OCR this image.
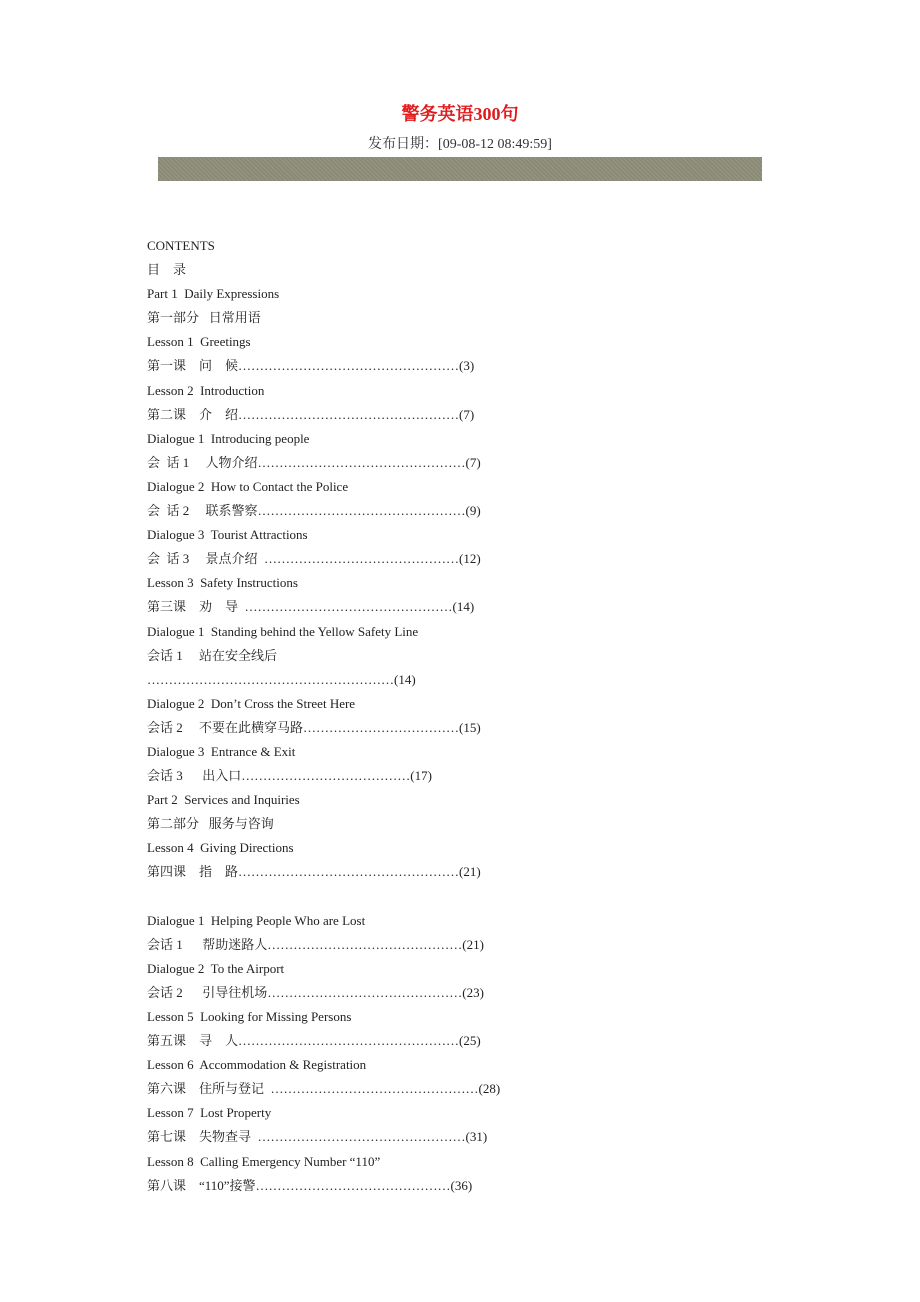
警务英语300句
发布日期：[09-08-12 08:49:59]
CONTENTS
目    录
Part 1  Daily Expressions
第一部分   日常用语
Lesson 1  Greetings
第一课    问    候……………………………………………(3)
Lesson 2  Introduction
第二课    介    绍……………………………………………(7)
Dialogue 1  Introducing people
会  话 1     人物介绍…………………………………………(7)
Dialogue 2  How to Contact the Police
会  话 2     联系警察…………………………………………(9)
Dialogue 3  Tourist Attractions
会  话 3     景点介绍  ………………………………………(12)
Lesson 3  Safety Instructions
第三课    劝    导  …………………………………………(14)
Dialogue 1  Standing behind the Yellow Safety Line
会话 1     站在安全线后
…………………………………………………(14)
Dialogue 2  Don’t Cross the Street Here
会话 2     不要在此横穿马路………………………………(15)
Dialogue 3  Entrance & Exit
会话 3      出入口…………………………………(17)
Part 2  Services and Inquiries
第二部分   服务与咨询
Lesson 4  Giving Directions
第四课    指    路……………………………………………(21)
Dialogue 1  Helping People Who are Lost
会话 1      帮助迷路人………………………………………(21)
Dialogue 2  To the Airport
会话 2      引导往机场………………………………………(23)
Lesson 5  Looking for Missing Persons
第五课    寻    人……………………………………………(25)
Lesson 6  Accommodation & Registration
第六课    住所与登记  …………………………………………(28)
Lesson 7  Lost Property
第七课    失物查寻  …………………………………………(31)
Lesson 8  Calling Emergency Number “110”
第八课    “110”接警………………………………………(36)
